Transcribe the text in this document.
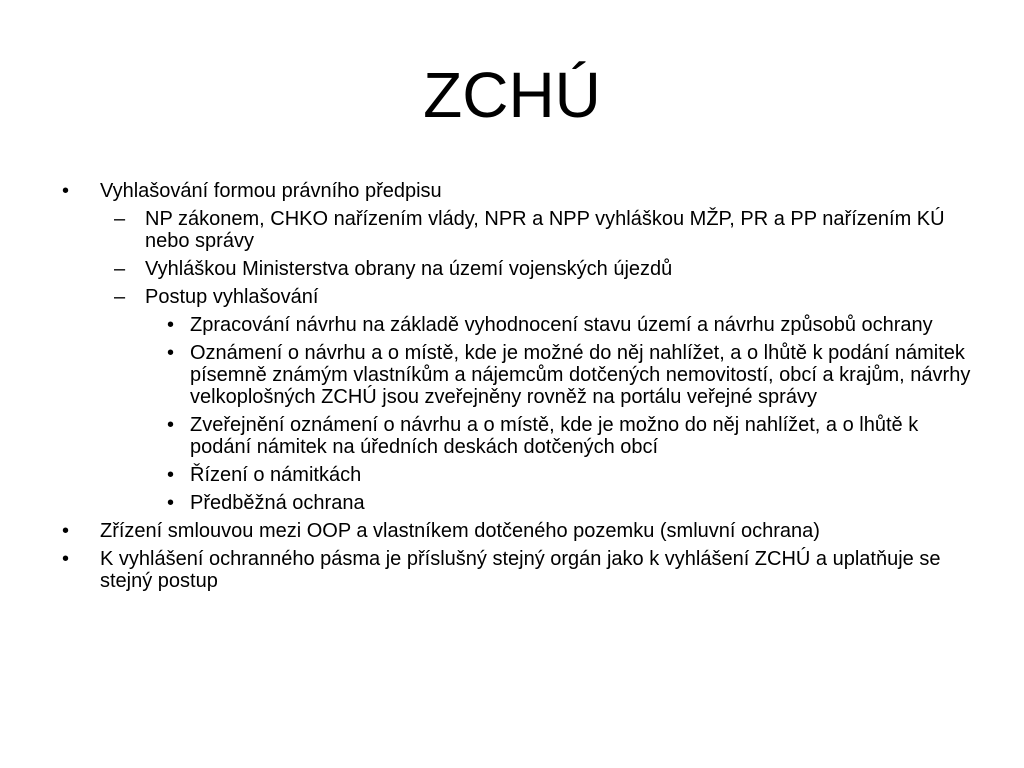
ZCHÚ
• Vyhlašování formou právního předpisu
– NP zákonem, CHKO nařízením vlády, NPR a NPP vyhláškou MŽP, PR a PP nařízením KÚ nebo správy
– Vyhláškou Ministerstva obrany na území vojenských újezdů
– Postup vyhlašování
• Zpracování návrhu na základě vyhodnocení stavu území a návrhu způsobů ochrany
• Oznámení o návrhu a o místě, kde je možné do něj nahlížet, a o lhůtě k podání námitek písemně známým vlastníkům a nájemcům dotčených nemovitostí, obcí a krajům, návrhy velkoplošných ZCHÚ jsou zveřejněny rovněž na portálu veřejné správy
• Zveřejnění oznámení o návrhu a o místě, kde je možno do něj nahlížet, a o lhůtě k podání námitek na úředních deskách dotčených obcí
• Řízení o námitkách
• Předběžná ochrana
• Zřízení smlouvou mezi OOP a vlastníkem dotčeného pozemku (smluvní ochrana)
• K vyhlášení ochranného pásma je příslušný stejný orgán jako k vyhlášení ZCHÚ a uplatňuje se stejný postup
